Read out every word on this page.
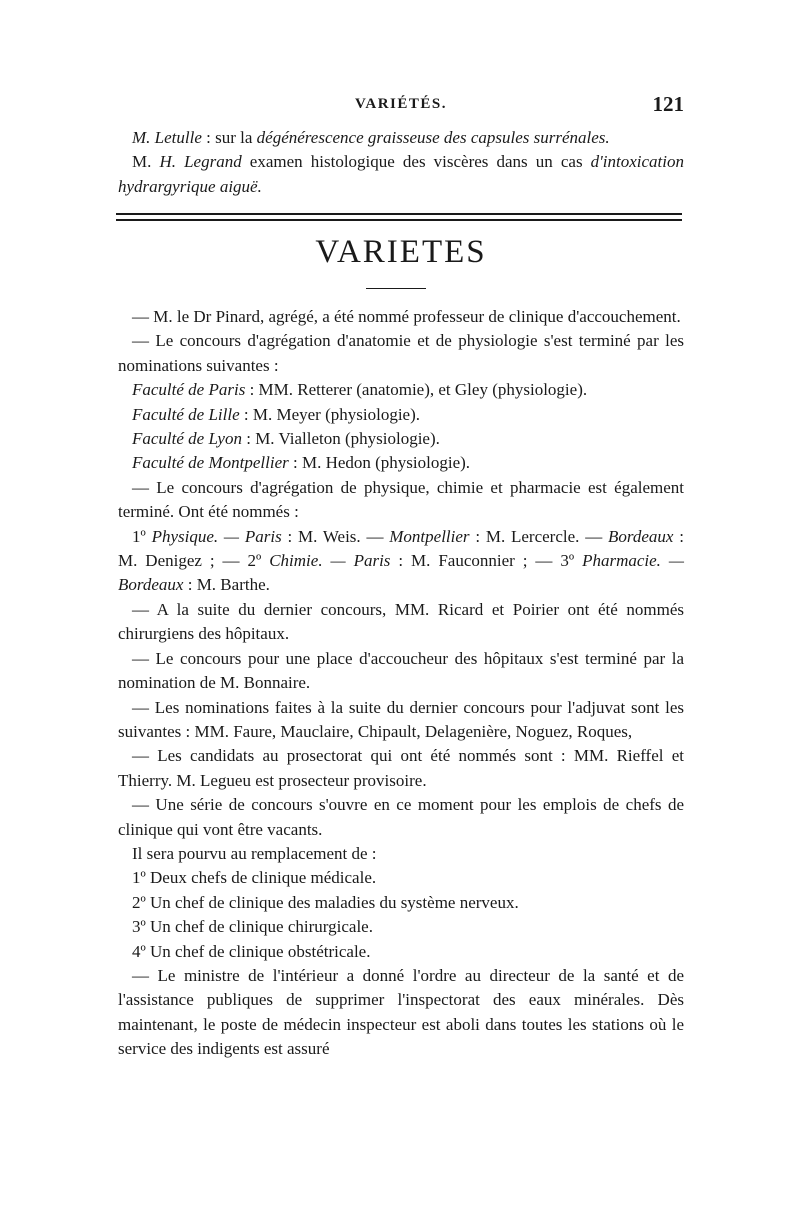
VARIÉTÉS.	121

M. Letulle : sur la dégénérescence graisseuse des capsules surrénales.

M. H. Legrand examen histologique des viscères dans un cas d'intoxication hydrargyrique aiguë.

VARIETES

— M. le Dr Pinard, agrégé, a été nommé professeur de clinique d'accouchement.

— Le concours d'agrégation d'anatomie et de physiologie s'est terminé par les nominations suivantes :

Faculté de Paris : MM. Retterer (anatomie), et Gley (physiologie).

Faculté de Lille : M. Meyer (physiologie).

Faculté de Lyon : M. Vialleton (physiologie).

Faculté de Montpellier : M. Hedon (physiologie).

— Le concours d'agrégation de physique, chimie et pharmacie est également terminé. Ont été nommés :

1º Physique. — Paris : M. Weis. — Montpellier : M. Lercercle. — Bordeaux : M. Denigez ; — 2º Chimie. — Paris : M. Fauconnier ; — 3º Pharmacie. — Bordeaux : M. Barthe.

— A la suite du dernier concours, MM. Ricard et Poirier ont été nommés chirurgiens des hôpitaux.

— Le concours pour une place d'accoucheur des hôpitaux s'est terminé par la nomination de M. Bonnaire.

— Les nominations faites à la suite du dernier concours pour l'adjuvat sont les suivantes : MM. Faure, Mauclaire, Chipault, Delagenière, Noguez, Roques,

— Les candidats au prosectorat qui ont été nommés sont : MM. Rieffel et Thierry. M. Legueu est prosecteur provisoire.

— Une série de concours s'ouvre en ce moment pour les emplois de chefs de clinique qui vont être vacants.

Il sera pourvu au remplacement de :

1º Deux chefs de clinique médicale.

2º Un chef de clinique des maladies du système nerveux.

3º Un chef de clinique chirurgicale.

4º Un chef de clinique obstétricale.

— Le ministre de l'intérieur a donné l'ordre au directeur de la santé et de l'assistance publiques de supprimer l'inspectorat des eaux minérales. Dès maintenant, le poste de médecin inspecteur est aboli dans toutes les stations où le service des indigents est assuré
